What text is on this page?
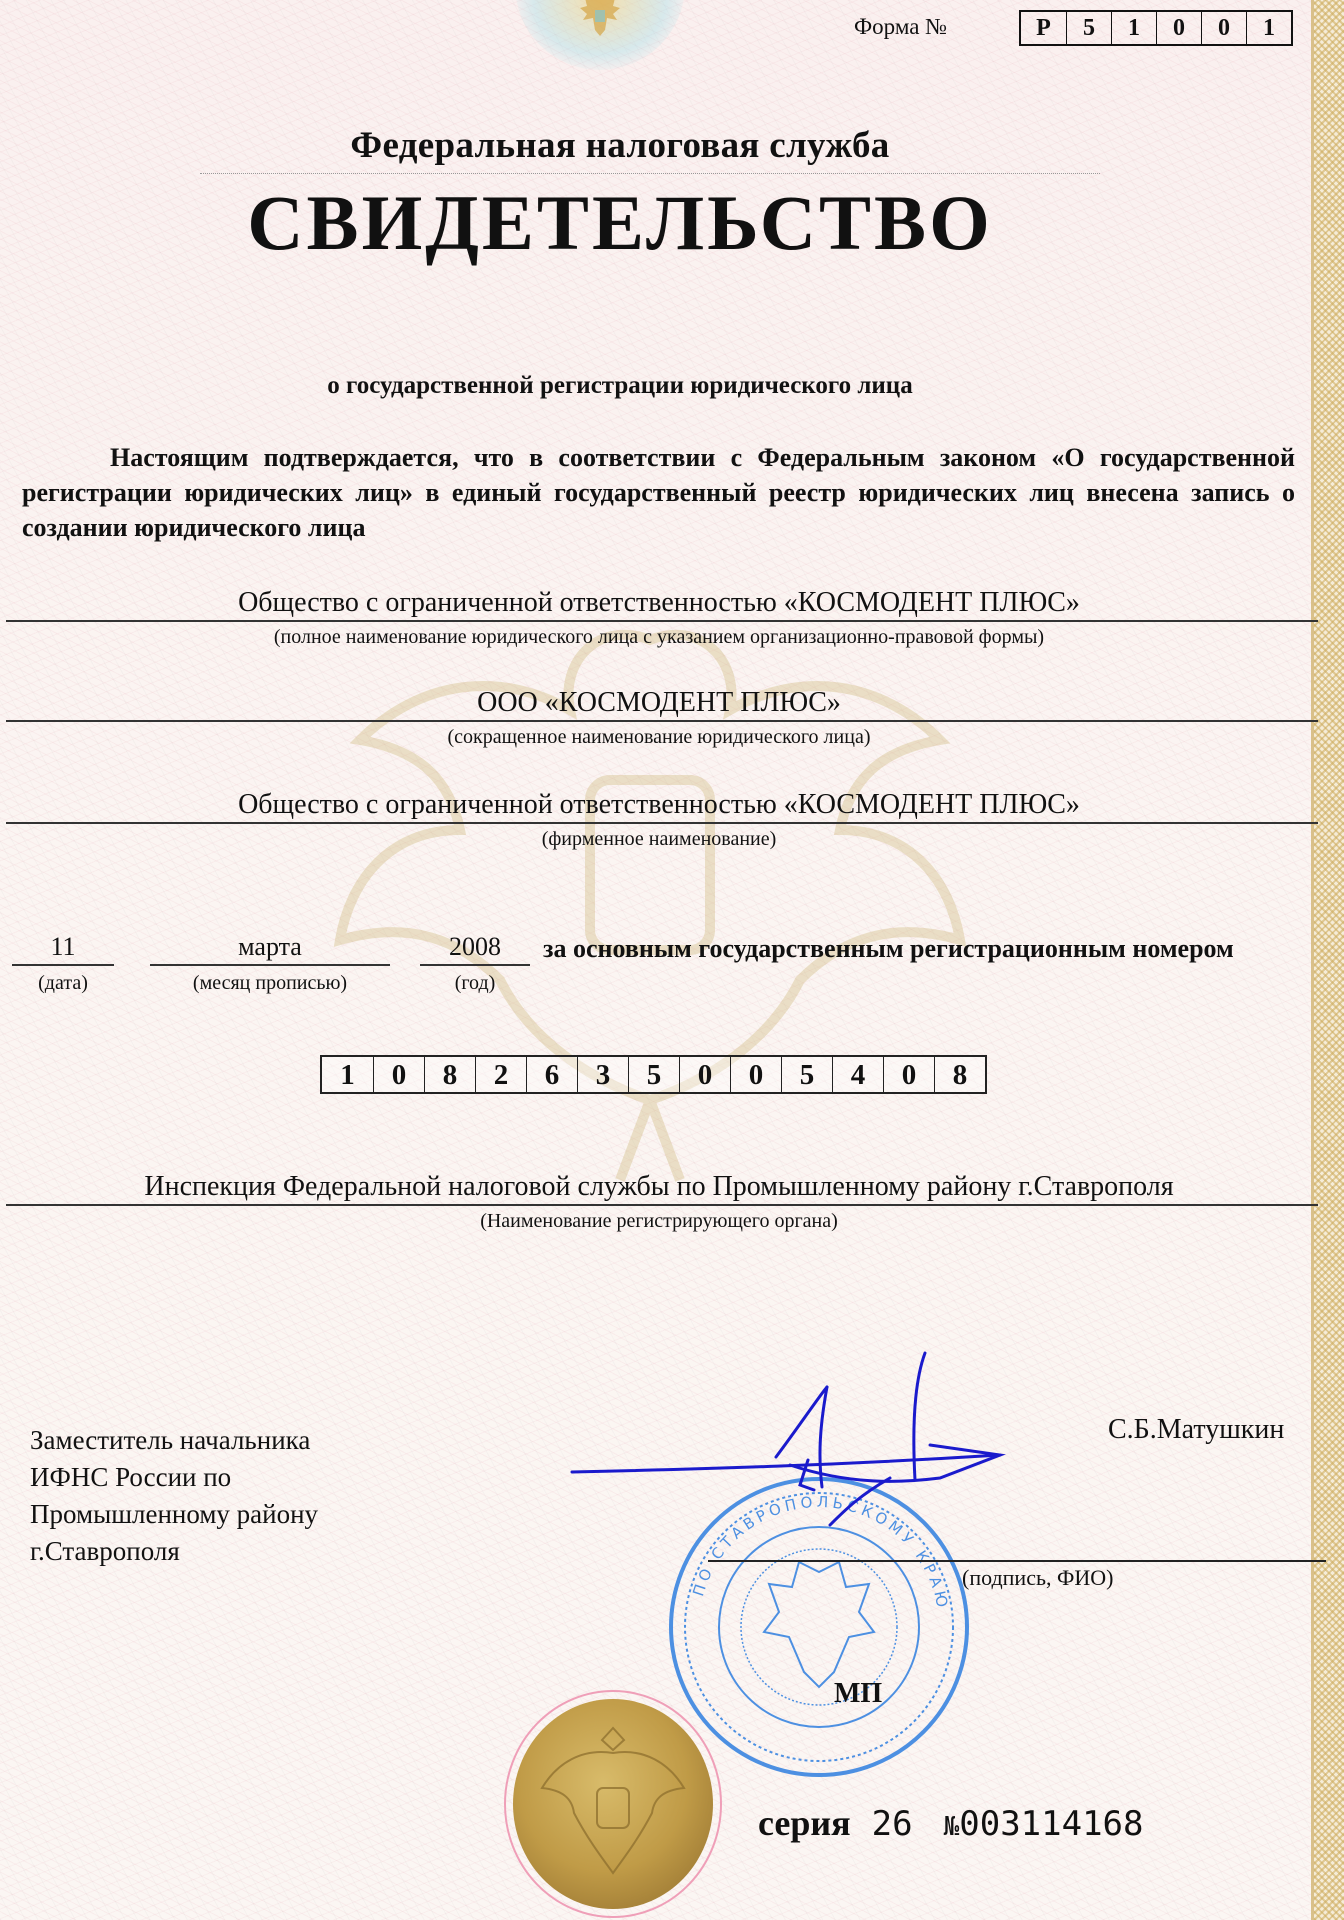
Форма №	Р	5	1	0	0	1
Федеральная налоговая служба
СВИДЕТЕЛЬСТВО
о государственной регистрации юридического лица
Настоящим подтверждается, что в соответствии с Федеральным законом «О государственной регистрации юридических лиц» в единый государственный реестр юридических лиц внесена запись о создании юридического лица
Общество с ограниченной ответственностью «КОСМОДЕНТ ПЛЮС»
(полное наименование юридического лица с указанием организационно-правовой формы)
ООО «КОСМОДЕНТ ПЛЮС»
(сокращенное наименование юридического лица)
Общество с ограниченной ответственностью «КОСМОДЕНТ ПЛЮС»
(фирменное наименование)
11
(дата)
марта
(месяц прописью)
2008
(год)
за основным государственным регистрационным номером
1	0	8	2	6	3	5	0	0	5	4	0	8
Инспекция Федеральной налоговой службы по Промышленному району г.Ставрополя
(Наименование регистрирующего органа)
Заместитель начальника
ИФНС России по
Промышленному району
г.Ставрополя
ПО СТАВРОПОЛЬСКОМУ КРАЮ
С.Б.Матушкин
(подпись, ФИО)
МП
серия 26 №003114168
